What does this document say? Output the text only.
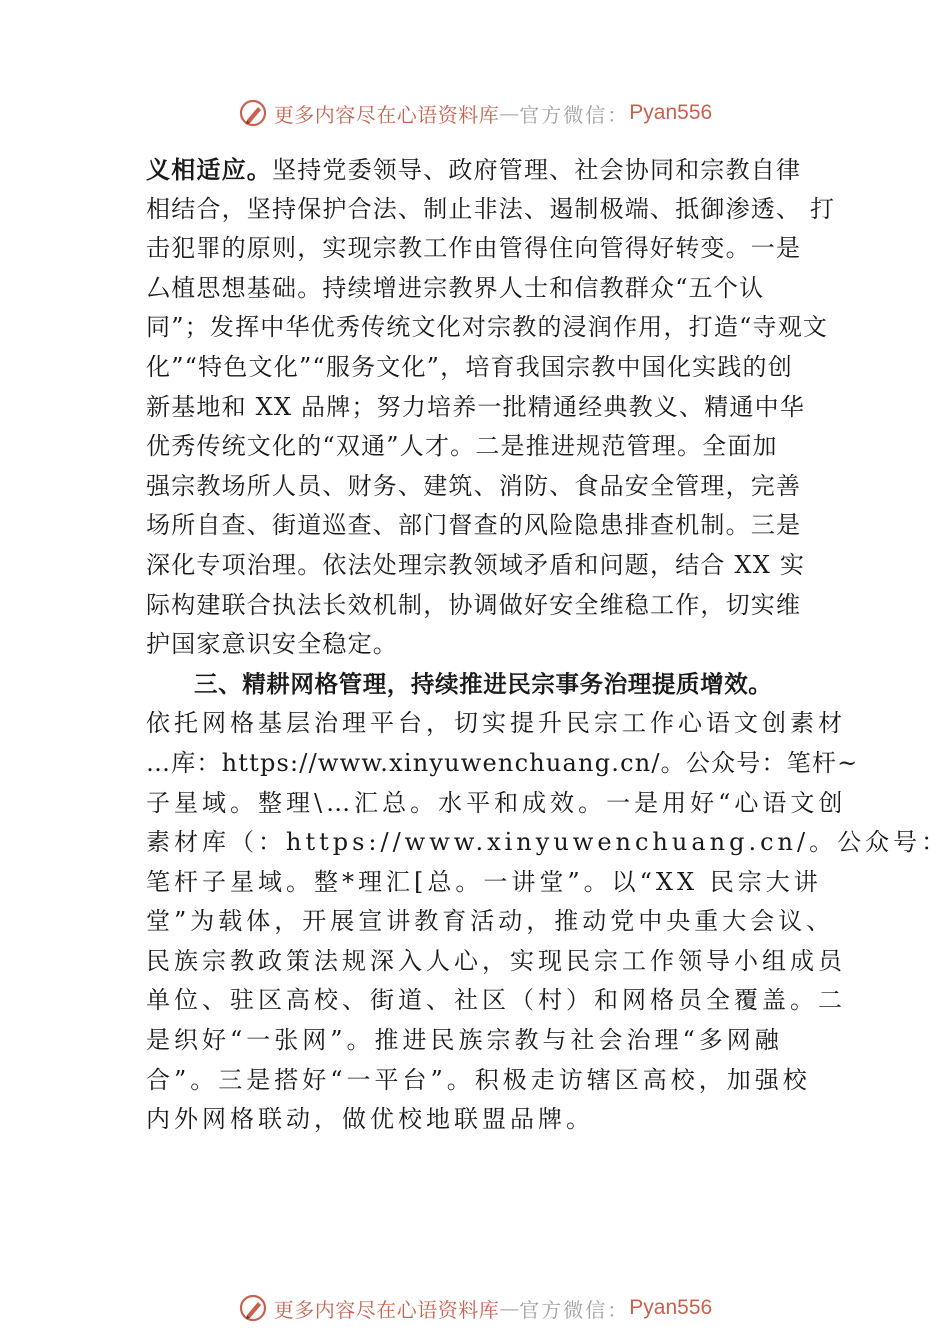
更多内容尽在心语资料库 — 官方微信： Pyan556
义相适应。坚持党委领导、政府管理、社会协同和宗教自律
相结合，坚持保护合法、制止非法、遏制极端、抵御渗透、 打
击犯罪的原则，实现宗教工作由管得住向管得好转变。一是
厶植思想基础。持续增进宗教界人士和信教群众“五个认
同”；发挥中华优秀传统文化对宗教的浸润作用，打造“寺观文
化”“特色文化”“服务文化”，培育我国宗教中国化实践的创
新基地和 XX 品牌；努力培养一批精通经典教义、精通中华
优秀传统文化的“双通”人才。二是推进规范管理。全面加
强宗教场所人员、财务、建筑、消防、食品安全管理，完善
场所自查、街道巡查、部门督查的风险隐患排查机制。三是
深化专项治理。依法处理宗教领域矛盾和问题，结合 XX 实
际构建联合执法长效机制，协调做好安全维稳工作，切实维
护国家意识安全稳定。
三、精耕网格管理，持续推进民宗事务治理提质增效。
依托网格基层治理平台，切实提升民宗工作心语文创素材
…库：https://www.xinyuwenchuang.cn/。公众号：笔杆~
子星域。整理\…汇总。水平和成效。一是用好“心语文创
素材库（：https://www.xinyuwenchuang.cn/。公众号：
笔杆子星域。整*理汇[总。一讲堂”。以“XX 民宗大讲
堂”为载体，开展宣讲教育活动，推动党中央重大会议、
民族宗教政策法规深入人心，实现民宗工作领导小组成员
单位、驻区高校、街道、社区（村）和网格员全覆盖。二
是织好“一张网”。推进民族宗教与社会治理“多网融
合”。三是搭好“一平台”。积极走访辖区高校，加强校
内外网格联动，做优校地联盟品牌。
更多内容尽在心语资料库 — 官方微信： Pyan556
